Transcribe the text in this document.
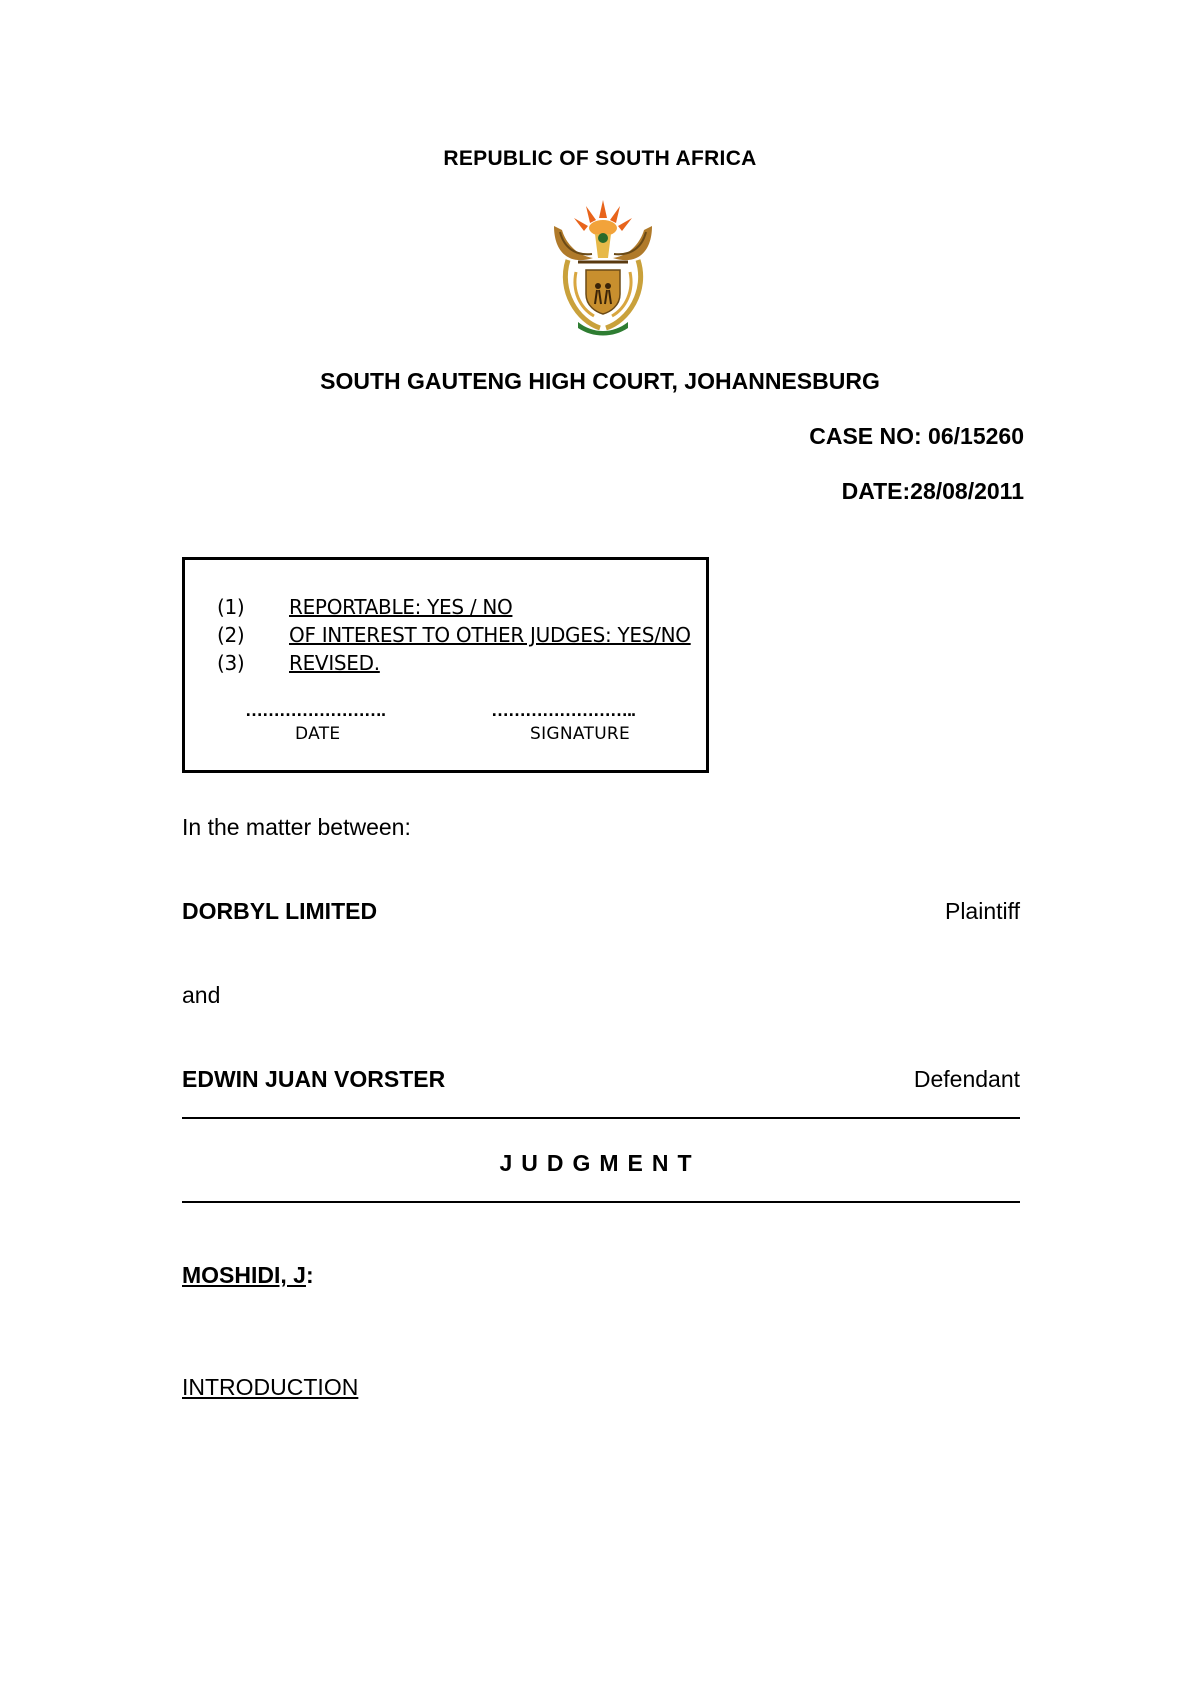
REPUBLIC OF SOUTH AFRICA
SOUTH GAUTENG HIGH COURT, JOHANNESBURG
CASE NO: 06/15260
DATE:28/08/2011
(1) REPORTABLE: YES / NO
(2) OF INTEREST TO OTHER JUDGES: YES/NO
(3) REVISED.
…………………….	……………………..
DATE	SIGNATURE
In the matter between:
DORBYL LIMITED	Plaintiff
and
EDWIN JUAN VORSTER	Defendant
JUDGMENT
MOSHIDI, J:
INTRODUCTION
